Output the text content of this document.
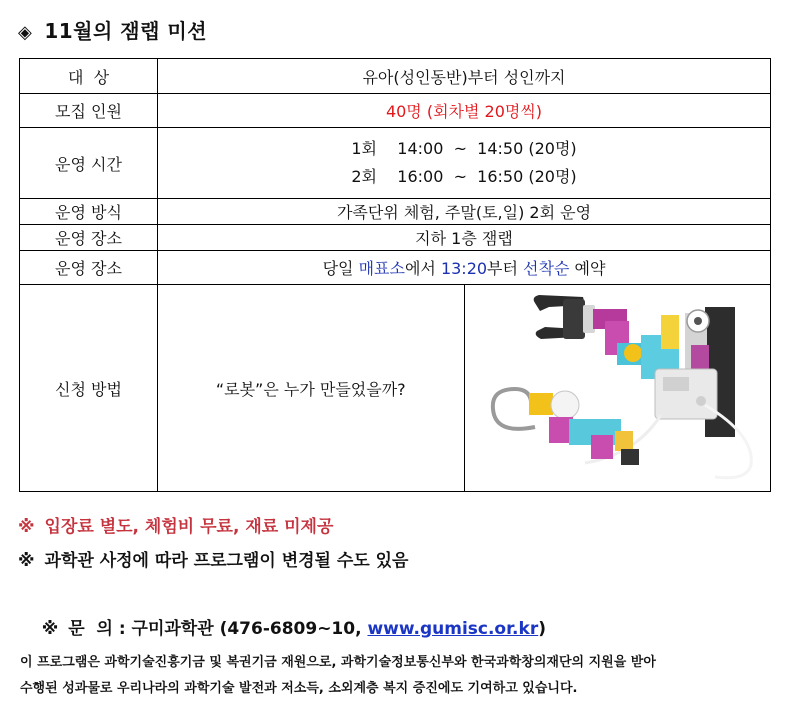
◈ 11월의 잼랩 미션
대  상	유아(성인동반)부터 성인까지	
모집 인원	40명 (회차별 20명씩)	
운영 시간	1회    14:00  ~  14:50 (20명)
2회    16:00  ~  16:50 (20명)	

운영 방식	가족단위 체험, 주말(토,일) 2회 운영	
운영 장소	지하 1층 잼랩	
운영 장소	당일 매표소에서 13:20부터 선착순 예약	
신청 방법	“로봇”은 누가 만들었을까?	
※ 입장료 별도, 체험비 무료, 재료 미제공
※ 과학관 사정에 따라 프로그램이 변경될 수도 있음

※ 문  의 : 구미과학관 (476-6809~10, www.gumisc.or.kr)

이 프로그램은 과학기술진흥기금 및 복권기금 재원으로, 과학기술정보통신부와 한국과학창의재단의 지원을 받아
수행된 성과물로 우리나라의 과학기술 발전과 저소득, 소외계층 복지 증진에도 기여하고 있습니다.
